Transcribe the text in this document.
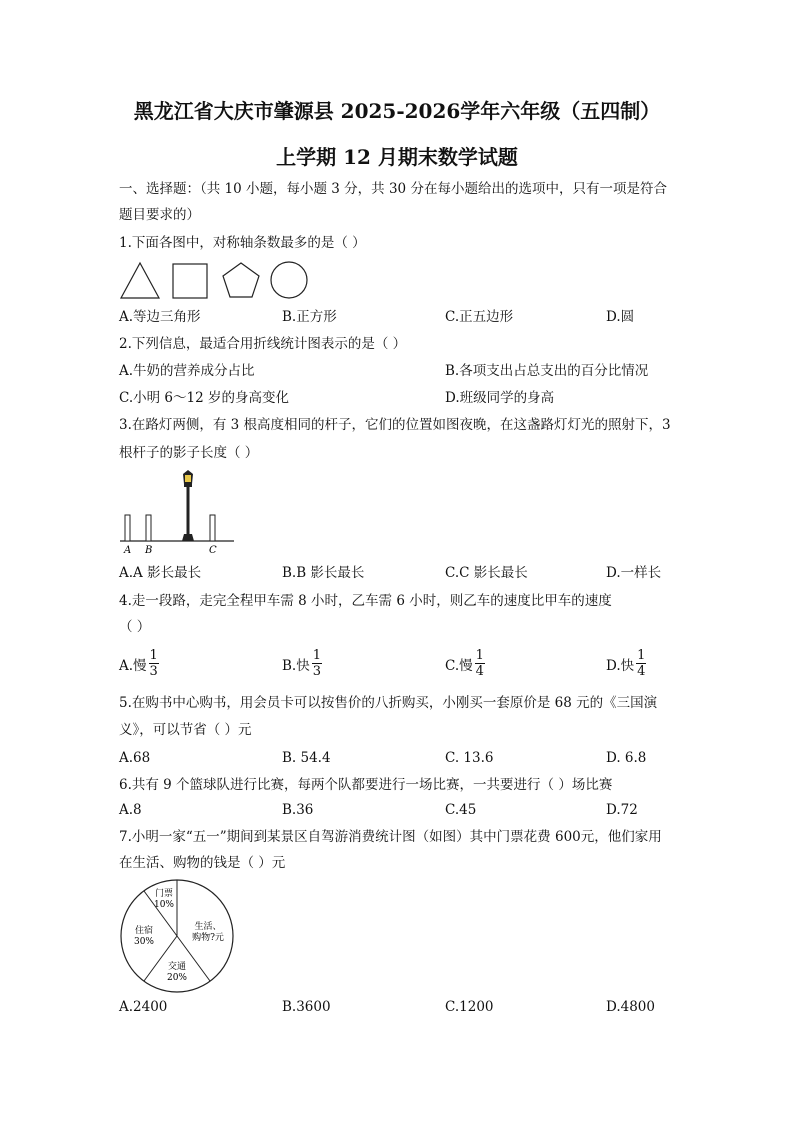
黑龙江省大庆市肇源县 2025-2026学年六年级（五四制）
上学期 12 月期末数学试题
一、选择题：（共 10 小题，每小题 3 分，共 30 分在每小题给出的选项中，只有一项是符合
题目要求的）
1.下面各图中，对称轴条数最多的是（ ）
A.等边三角形	B.正方形	C.正五边形	D.圆
2.下列信息，最适合用折线统计图表示的是（ ）
A.牛奶的营养成分占比	B.各项支出占总支出的百分比情况
C.小明 6～12 岁的身高变化	D.班级同学的身高
3.在路灯两侧，有 3 根高度相同的杆子，它们的位置如图夜晚，在这盏路灯灯光的照射下，3
根杆子的影子长度（ ）
A B	C
A.A 影长最长	B.B 影长最长	C.C 影长最长	D.一样长
4.走一段路，走完全程甲车需 8 小时，乙车需 6 小时，则乙车的速度比甲车的速度
（ ）
A.慢 $\frac{1}{3}$	B.快 $\frac{1}{3}$	C.慢 $\frac{1}{4}$	D.快 $\frac{1}{4}$
5.在购书中心购书，用会员卡可以按售价的八折购买，小刚买一套原价是 68 元的《三国演
义》，可以节省（ ）元
A.68	B. 54.4	C. 13.6	D. 6.8
6.共有 9 个篮球队进行比赛，每两个队都要进行一场比赛，一共要进行（ ）场比赛
A.8	B.36	C.45	D.72
7.小明一家“五一”期间到某景区自驾游消费统计图（如图）其中门票花费 600元，他们家用
在生活、购物的钱是（ ）元
门票
10%
住宿
30%
交通
20%
生活、
购物?元
A.2400	B.3600	C.1200	D.4800
